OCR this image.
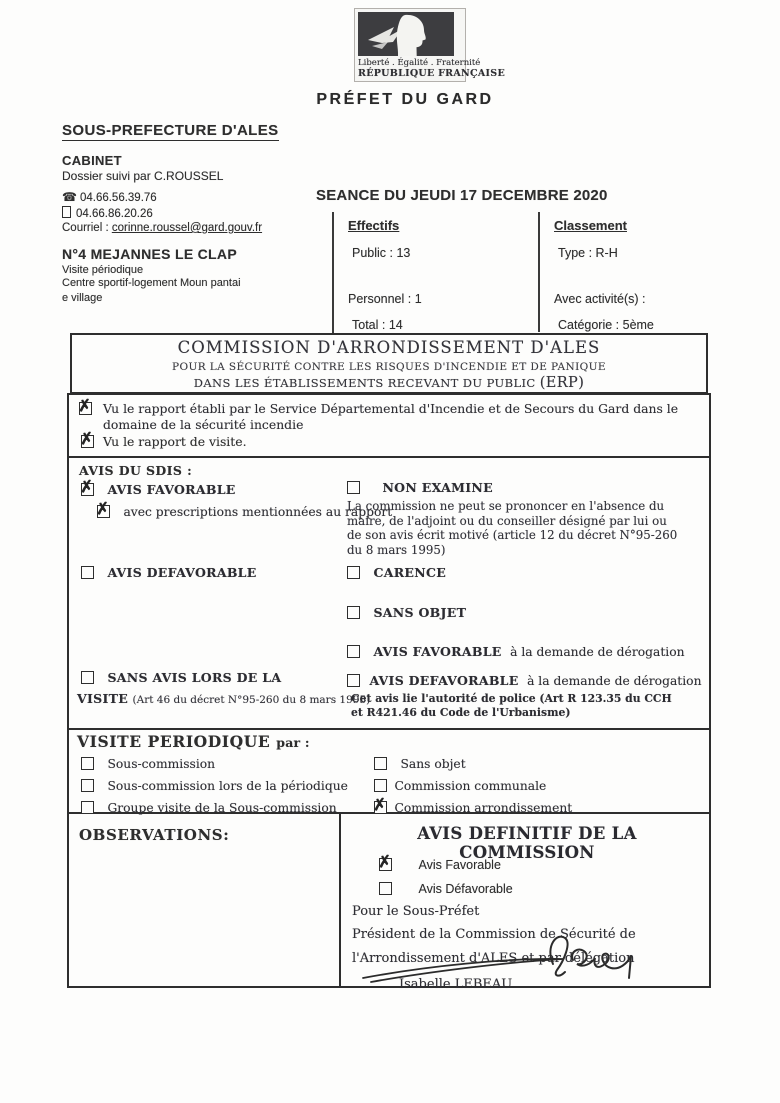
Liberté . Égalité . Fraternité
RÉPUBLIQUE FRANÇAISE
PRÉFET DU GARD
SOUS-PREFECTURE D'ALES
CABINET
Dossier suivi par C.ROUSSEL
☎ 04.66.56.39.76
04.66.86.20.26
Courriel : corinne.roussel@gard.gouv.fr
N°4 MEJANNES LE CLAP
Visite périodique
Centre sportif-logement Moun pantai
e village
SEANCE DU JEUDI 17 DECEMBRE 2020
Effectifs
Public : 13
Personnel : 1
Total : 14
Classement
Type : R-H
Avec activité(s) :
Catégorie : 5ème
COMMISSION D'ARRONDISSEMENT D'ALES
POUR LA SÉCURITÉ CONTRE LES RISQUES D'INCENDIE ET DE PANIQUE
DANS LES ÉTABLISSEMENTS RECEVANT DU PUBLIC (ERP)
✗
Vu le rapport établi par le Service Départemental d'Incendie et de Secours du Gard dans le domaine de la sécurité incendie
✗
Vu le rapport de visite.
AVIS DU SDIS :
✗ AVIS FAVORABLE
✗ avec prescriptions mentionnées au rapport
AVIS DEFAVORABLE
SANS AVIS LORS DE LA
VISITE (Art 46 du décret N°95-260 du 8 mars 1995)
NON EXAMINE
La commission ne peut se prononcer en l'absence du maire, de l'adjoint ou du conseiller désigné par lui ou de son avis écrit motivé (article 12 du décret N°95-260 du 8 mars 1995)
CARENCE
SANS OBJET
AVIS FAVORABLE à la demande de dérogation
AVIS DEFAVORABLE à la demande de dérogation
Cet avis lie l'autorité de police (Art R 123.35 du CCH et R421.46 du Code de l'Urbanisme)
VISITE PERIODIQUE par :
Sous-commission
Sous-commission lors de la périodique
Groupe visite de la Sous-commission
Sans objet
Commission communale
✗ Commission arrondissement
OBSERVATIONS:	AVIS DEFINITIF DE LA COMMISSION
✗ Avis Favorable
Avis Défavorable
Pour le Sous-Préfet
Président de la Commission de Sécurité de
l'Arrondissement d'ALES et par délégation
Isabelle LEBEAU
